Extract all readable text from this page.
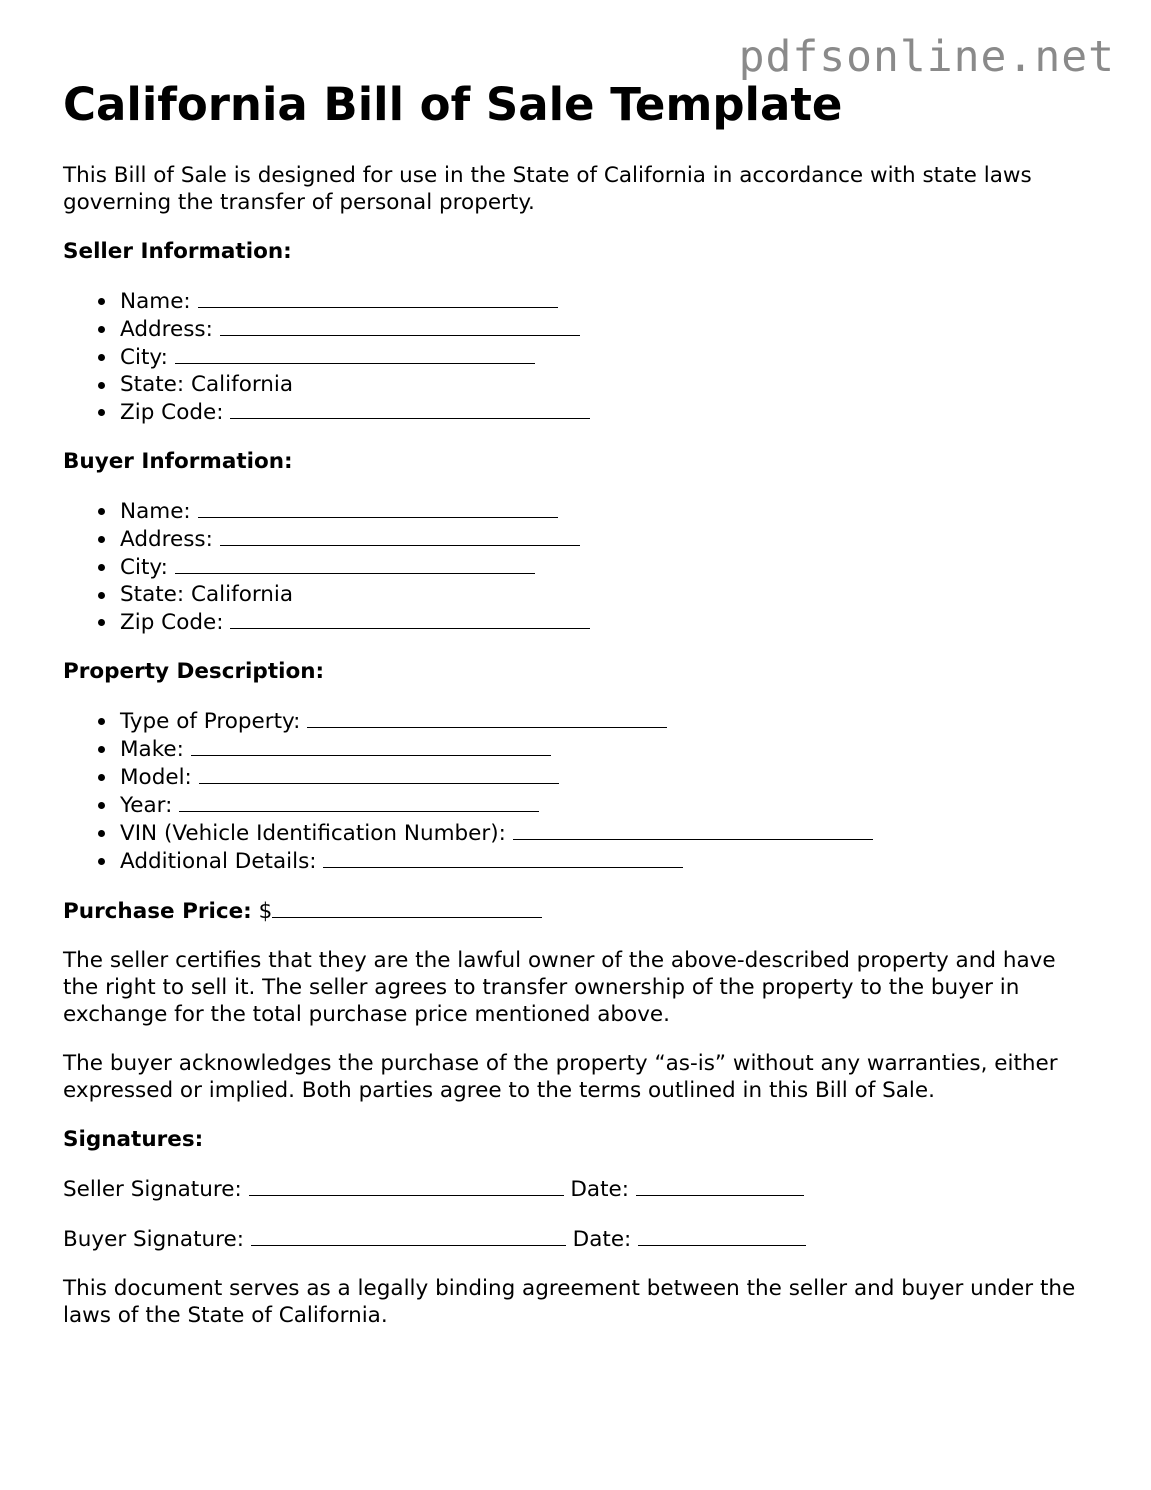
pdfsonline.net
California Bill of Sale Template

This Bill of Sale is designed for use in the State of California in accordance with state laws governing the transfer of personal property.

Seller Information:
Name:
Address:
City:
State: California
Zip Code:
Buyer Information:
Name:
Address:
City:
State: California
Zip Code:
Property Description:
Type of Property:
Make:
Model:
Year:
VIN (Vehicle Identification Number):
Additional Details:

Purchase Price: $

The seller certifies that they are the lawful owner of the above-described property and have the right to sell it. The seller agrees to transfer ownership of the property to the buyer in exchange for the total purchase price mentioned above.

The buyer acknowledges the purchase of the property “as-is” without any warranties, either expressed or implied. Both parties agree to the terms outlined in this Bill of Sale.

Signatures:
Seller Signature:	Date:
Buyer Signature:	Date:

This document serves as a legally binding agreement between the seller and buyer under the laws of the State of California.
